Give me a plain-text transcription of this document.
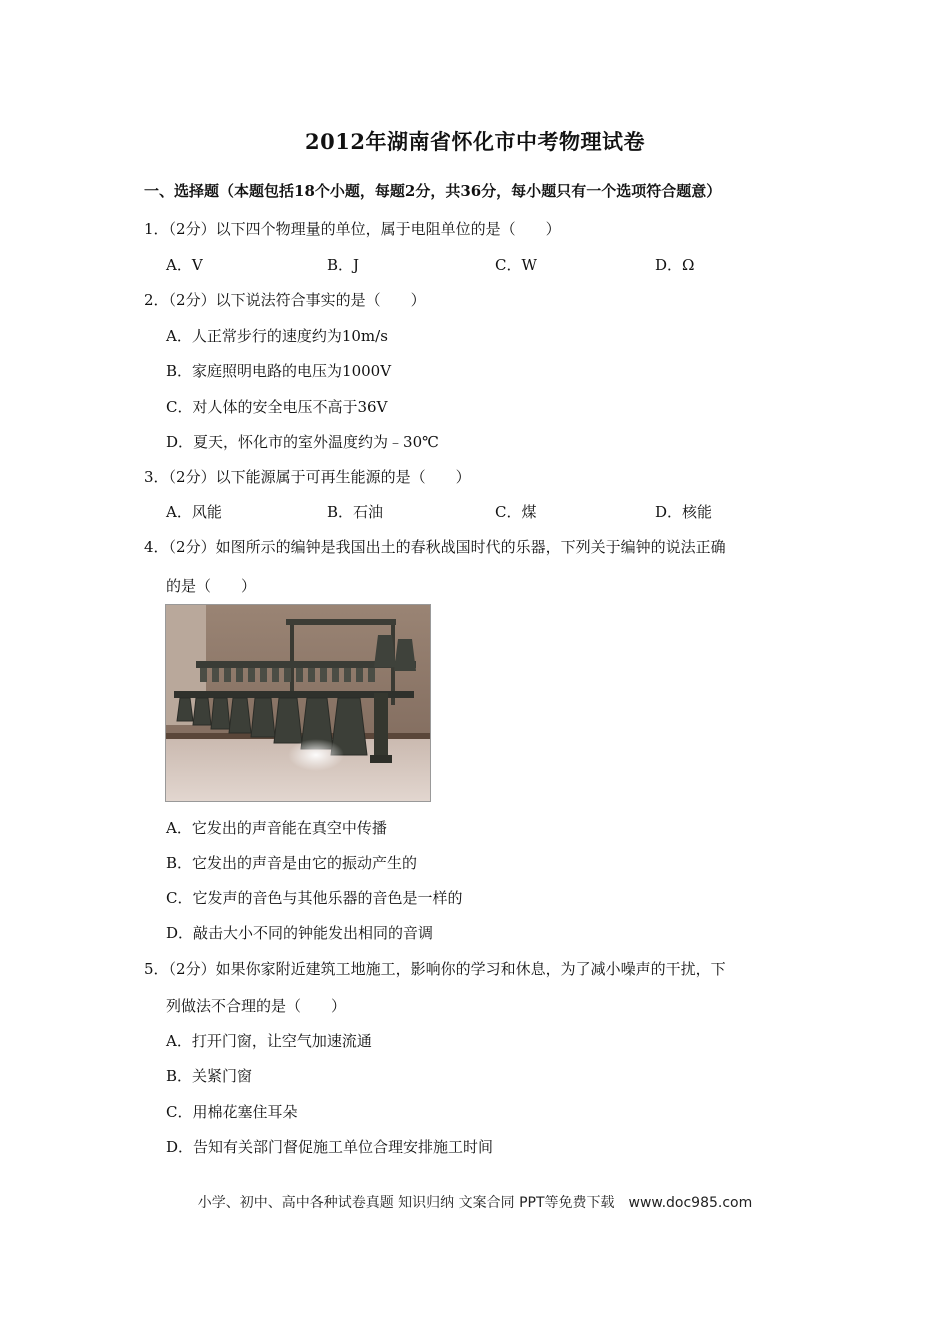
2012年湖南省怀化市中考物理试卷
一、选择题（本题包括18个小题，每题2分，共36分，每小题只有一个选项符合题意）
1．（2分）以下四个物理量的单位，属于电阻单位的是（　　）
A．V	B．J	C．W	D．Ω
2．（2分）以下说法符合事实的是（　　）
A．人正常步行的速度约为10m/s
B．家庭照明电路的电压为1000V
C．对人体的安全电压不高于36V
D．夏天，怀化市的室外温度约为﹣30℃
3．（2分）以下能源属于可再生能源的是（　　）
A．风能	B．石油	C．煤	D．核能
4．（2分）如图所示的编钟是我国出土的春秋战国时代的乐器，下列关于编钟的说法正确
的是（　　）
A．它发出的声音能在真空中传播
B．它发出的声音是由它的振动产生的
C．它发声的音色与其他乐器的音色是一样的
D．敲击大小不同的钟能发出相同的音调
5．（2分）如果你家附近建筑工地施工，影响你的学习和休息，为了减小噪声的干扰，下
列做法不合理的是（　　）
A．打开门窗，让空气加速流通
B．关紧门窗
C．用棉花塞住耳朵
D．告知有关部门督促施工单位合理安排施工时间
小学、初中、高中各种试卷真题 知识归纳 文案合同 PPT等免费下载　www.doc985.com
